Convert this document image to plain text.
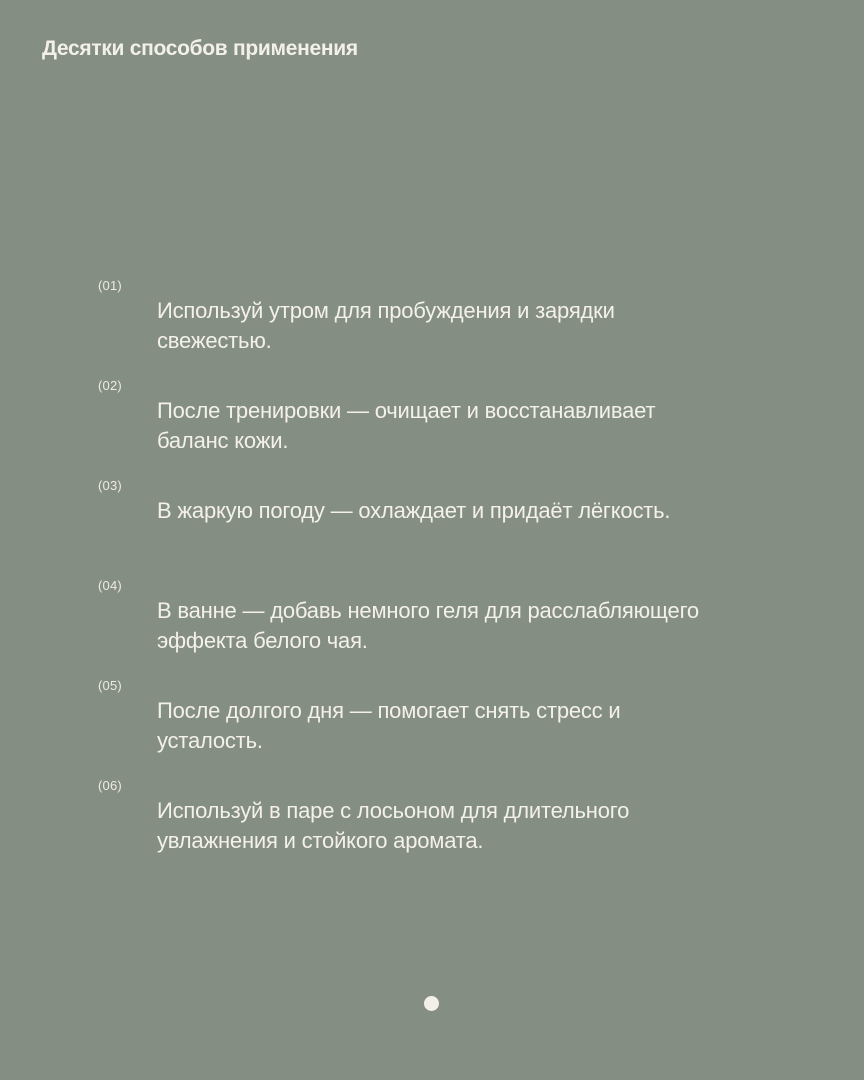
Десятки способов применения
(01)
Используй утром для пробуждения и зарядки свежестью.
(02)
После тренировки — очищает и восстанавливает баланс кожи.
(03)
В жаркую погоду — охлаждает и придаёт лёгкость.
(04)
В ванне — добавь немного геля для расслабляющего эффекта белого чая.
(05)
После долгого дня — помогает снять стресс и усталость.
(06)
Используй в паре с лосьоном для длительного увлажнения и стойкого аромата.
